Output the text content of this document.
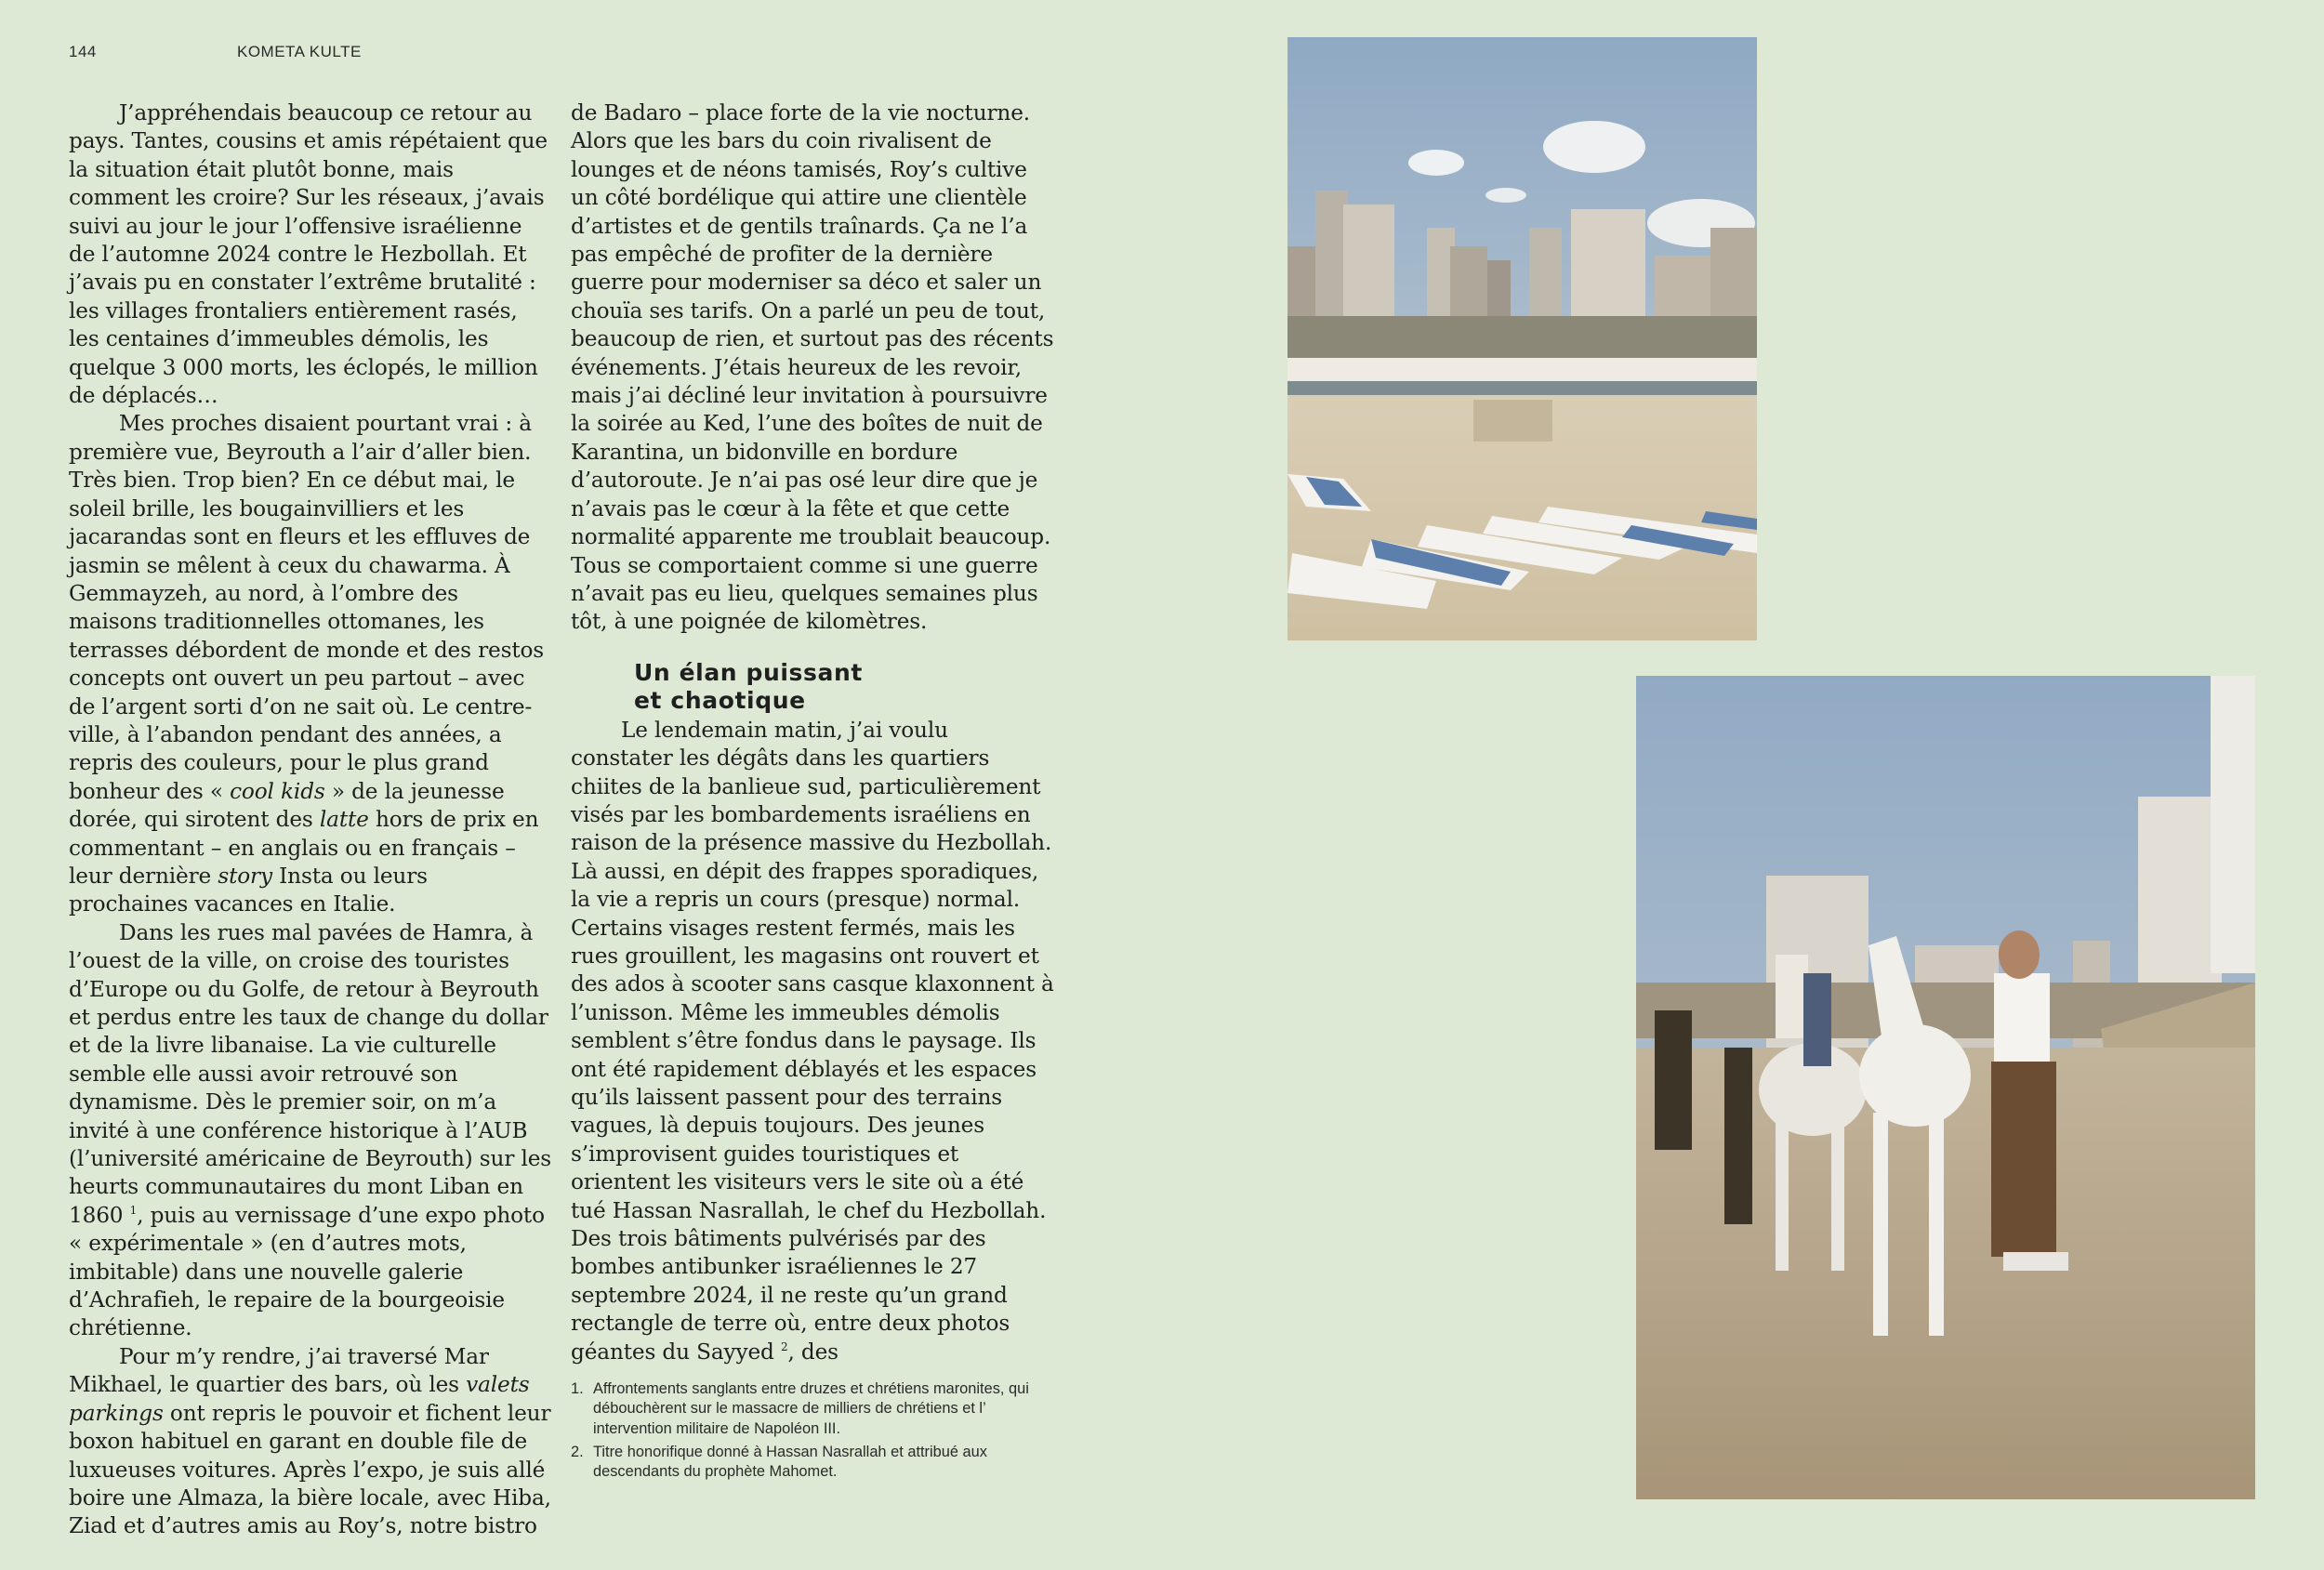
144	KOMETA KULTE

J’appréhendais beaucoup ce retour au pays. Tantes, cousins et amis répétaient que la situation était plutôt bonne, mais comment les croire? Sur les réseaux, j’avais suivi au jour le jour l’offensive israélienne de l’automne 2024 contre le Hezbollah. Et j’avais pu en constater l’extrême brutalité : les villages frontaliers entièrement rasés, les centaines d’immeubles démolis, les quelque 3 000 morts, les éclopés, le million de déplacés…

Mes proches disaient pourtant vrai : à première vue, Beyrouth a l’air d’aller bien. Très bien. Trop bien? En ce début mai, le soleil brille, les bougainvilliers et les jacarandas sont en fleurs et les effluves de jasmin se mêlent à ceux du chawarma. À Gemmayzeh, au nord, à l’ombre des maisons traditionnelles ottomanes, les terrasses débordent de monde et des restos concepts ont ouvert un peu partout – avec de l’argent sorti d’on ne sait où. Le centre-ville, à l’abandon pendant des années, a repris des couleurs, pour le plus grand bonheur des « cool kids » de la jeunesse dorée, qui sirotent des latte hors de prix en commentant – en anglais ou en français – leur dernière story Insta ou leurs prochaines vacances en Italie.

Dans les rues mal pavées de Hamra, à l’ouest de la ville, on croise des touristes d’Europe ou du Golfe, de retour à Beyrouth et perdus entre les taux de change du dollar et de la livre libanaise. La vie culturelle semble elle aussi avoir retrouvé son dynamisme. Dès le premier soir, on m’a invité à une conférence historique à l’AUB (l’université américaine de Beyrouth) sur les heurts communautaires du mont Liban en 1860 $^1$, puis au vernissage d’une expo photo « expérimentale » (en d’autres mots, imbitable) dans une nouvelle galerie d’Achrafieh, le repaire de la bourgeoisie chrétienne.

Pour m’y rendre, j’ai traversé Mar Mikhael, le quartier des bars, où les valets parkings ont repris le pouvoir et fichent leur boxon habituel en garant en double file de luxueuses voitures. Après l’expo, je suis allé boire une Almaza, la bière locale, avec Hiba, Ziad et d’autres amis au Roy’s, notre bistro

de Badaro – place forte de la vie nocturne. Alors que les bars du coin rivalisent de lounges et de néons tamisés, Roy’s cultive un côté bordélique qui attire une clientèle d’artistes et de gentils traînards. Ça ne l’a pas empêché de profiter de la dernière guerre pour moderniser sa déco et saler un chouïa ses tarifs. On a parlé un peu de tout, beaucoup de rien, et surtout pas des récents événements. J’étais heureux de les revoir, mais j’ai décliné leur invitation à poursuivre la soirée au Ked, l’une des boîtes de nuit de Karantina, un bidonville en bordure d’autoroute. Je n’ai pas osé leur dire que je n’avais pas le cœur à la fête et que cette normalité apparente me troublait beaucoup. Tous se comportaient comme si une guerre n’avait pas eu lieu, quelques semaines plus tôt, à une poignée de kilomètres.

Un élan puissant
et chaotique

Le lendemain matin, j’ai voulu constater les dégâts dans les quartiers chiites de la banlieue sud, particulièrement visés par les bombardements israéliens en raison de la présence massive du Hezbollah. Là aussi, en dépit des frappes sporadiques, la vie a repris un cours (presque) normal. Certains visages restent fermés, mais les rues grouillent, les magasins ont rouvert et des ados à scooter sans casque klaxonnent à l’unisson. Même les immeubles démolis semblent s’être fondus dans le paysage. Ils ont été rapidement déblayés et les espaces qu’ils laissent passent pour des terrains vagues, là depuis toujours. Des jeunes s’improvisent guides touristiques et orientent les visiteurs vers le site où a été tué Hassan Nasrallah, le chef du Hezbollah. Des trois bâtiments pulvérisés par des bombes antibunker israéliennes le 27 septembre 2024, il ne reste qu’un grand rectangle de terre où, entre deux photos géantes du Sayyed $^2$, des

1. Affrontements sanglants entre druzes et chrétiens maronites, qui débouchèrent sur le massacre de milliers de chrétiens et l’ intervention militaire de Napoléon III.
2. Titre honorifique donné à Hassan Nasrallah et attribué aux descendants du prophète Mahomet.
